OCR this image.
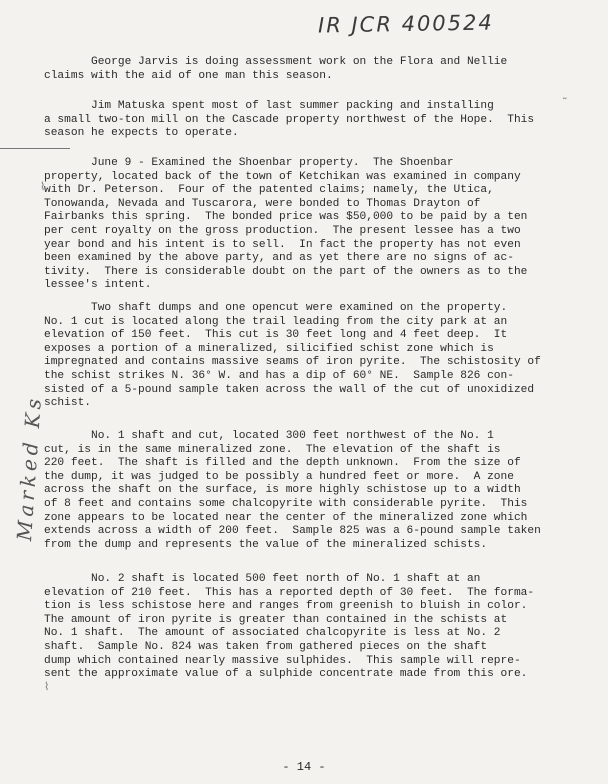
IR JCR 400524

George Jarvis is doing assessment work on the Flora and Nellie
claims with the aid of one man this season.

Jim Matuska spent most of last summer packing and installing
a small two-ton mill on the Cascade property northwest of the Hope.  This
season he expects to operate.

June 9 - Examined the Shoenbar property.  The Shoenbar
property, located back of the town of Ketchikan was examined in company
with Dr. Peterson.  Four of the patented claims; namely, the Utica,
Tonowanda, Nevada and Tuscarora, were bonded to Thomas Drayton of
Fairbanks this spring.  The bonded price was $50,000 to be paid by a ten
per cent royalty on the gross production.  The present lessee has a two
year bond and his intent is to sell.  In fact the property has not even
been examined by the above party, and as yet there are no signs of ac-
tivity.  There is considerable doubt on the part of the owners as to the
lessee's intent.

Two shaft dumps and one opencut were examined on the property.
No. 1 cut is located along the trail leading from the city park at an
elevation of 150 feet.  This cut is 30 feet long and 4 feet deep.  It
exposes a portion of a mineralized, silicified schist zone which is
impregnated and contains massive seams of iron pyrite.  The schistosity of
the schist strikes N. 36° W. and has a dip of 60° NE.  Sample 826 con-
sisted of a 5-pound sample taken across the wall of the cut of unoxidized
schist.

No. 1 shaft and cut, located 300 feet northwest of the No. 1
cut, is in the same mineralized zone.  The elevation of the shaft is
220 feet.  The shaft is filled and the depth unknown.  From the size of
the dump, it was judged to be possibly a hundred feet or more.  A zone
across the shaft on the surface, is more highly schistose up to a width
of 8 feet and contains some chalcopyrite with considerable pyrite.  This
zone appears to be located near the center of the mineralized zone which
extends across a width of 200 feet.  Sample 825 was a 6-pound sample taken
from the dump and represents the value of the mineralized schists.

No. 2 shaft is located 500 feet north of No. 1 shaft at an
elevation of 210 feet.  This has a reported depth of 30 feet.  The forma-
tion is less schistose here and ranges from greenish to bluish in color.
The amount of iron pyrite is greater than contained in the schists at
No. 1 shaft.  The amount of associated chalcopyrite is less at No. 2
shaft.  Sample No. 824 was taken from gathered pieces on the shaft
dump which contained nearly massive sulphides.  This sample will repre-
sent the approximate value of a sulphide concentrate made from this ore.

Marked Ks
⌇
⌇
˜
- 14 -
